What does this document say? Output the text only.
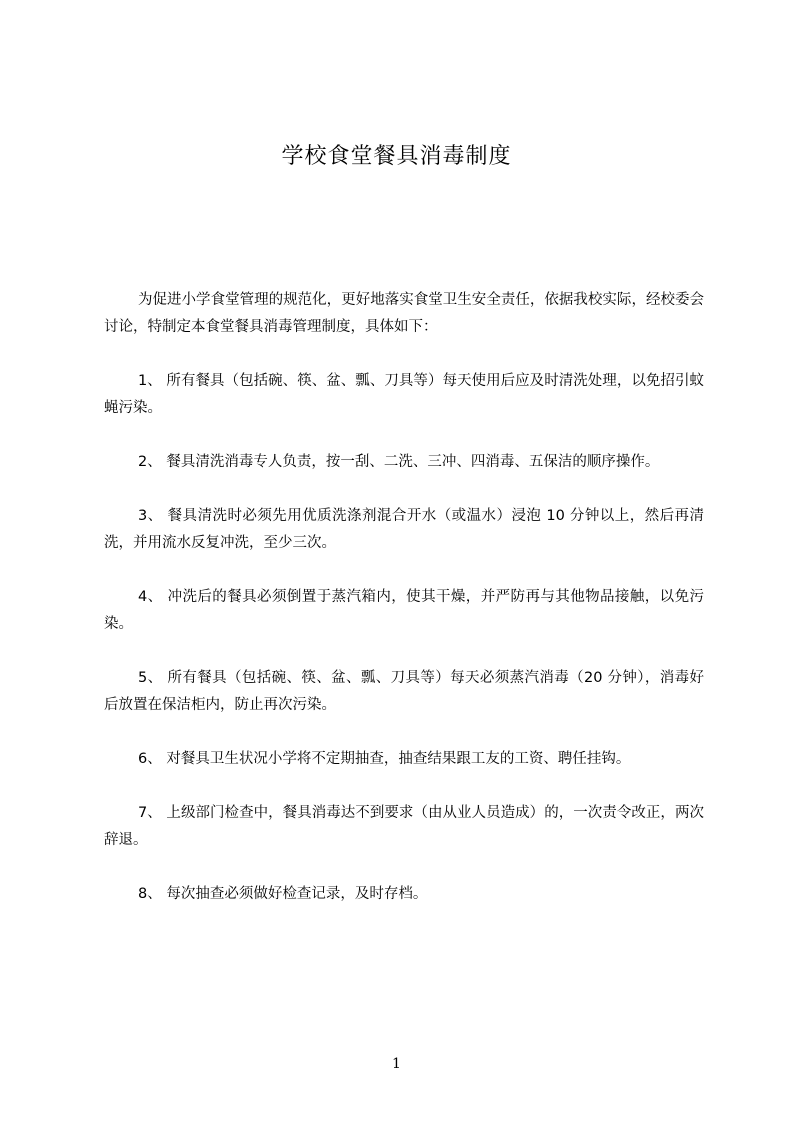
学校食堂餐具消毒制度

为促进小学食堂管理的规范化，更好地落实食堂卫生安全责任，依据我校实际，经校委会讨论，特制定本食堂餐具消毒管理制度，具体如下：

1、 所有餐具（包括碗、筷、盆、瓢、刀具等）每天使用后应及时清洗处理，以免招引蚊蝇污染。

2、 餐具清洗消毒专人负责，按一刮、二洗、三冲、四消毒、五保洁的顺序操作。

3、 餐具清洗时必须先用优质洗涤剂混合开水（或温水）浸泡 10 分钟以上，然后再清洗，并用流水反复冲洗，至少三次。

4、 冲洗后的餐具必须倒置于蒸汽箱内，使其干燥，并严防再与其他物品接触，以免污染。

5、 所有餐具（包括碗、筷、盆、瓢、刀具等）每天必须蒸汽消毒（20 分钟），消毒好后放置在保洁柜内，防止再次污染。

6、 对餐具卫生状况小学将不定期抽查，抽查结果跟工友的工资、聘任挂钩。

7、 上级部门检查中，餐具消毒达不到要求（由从业人员造成）的，一次责令改正，两次辞退。

8、 每次抽查必须做好检查记录，及时存档。

1
